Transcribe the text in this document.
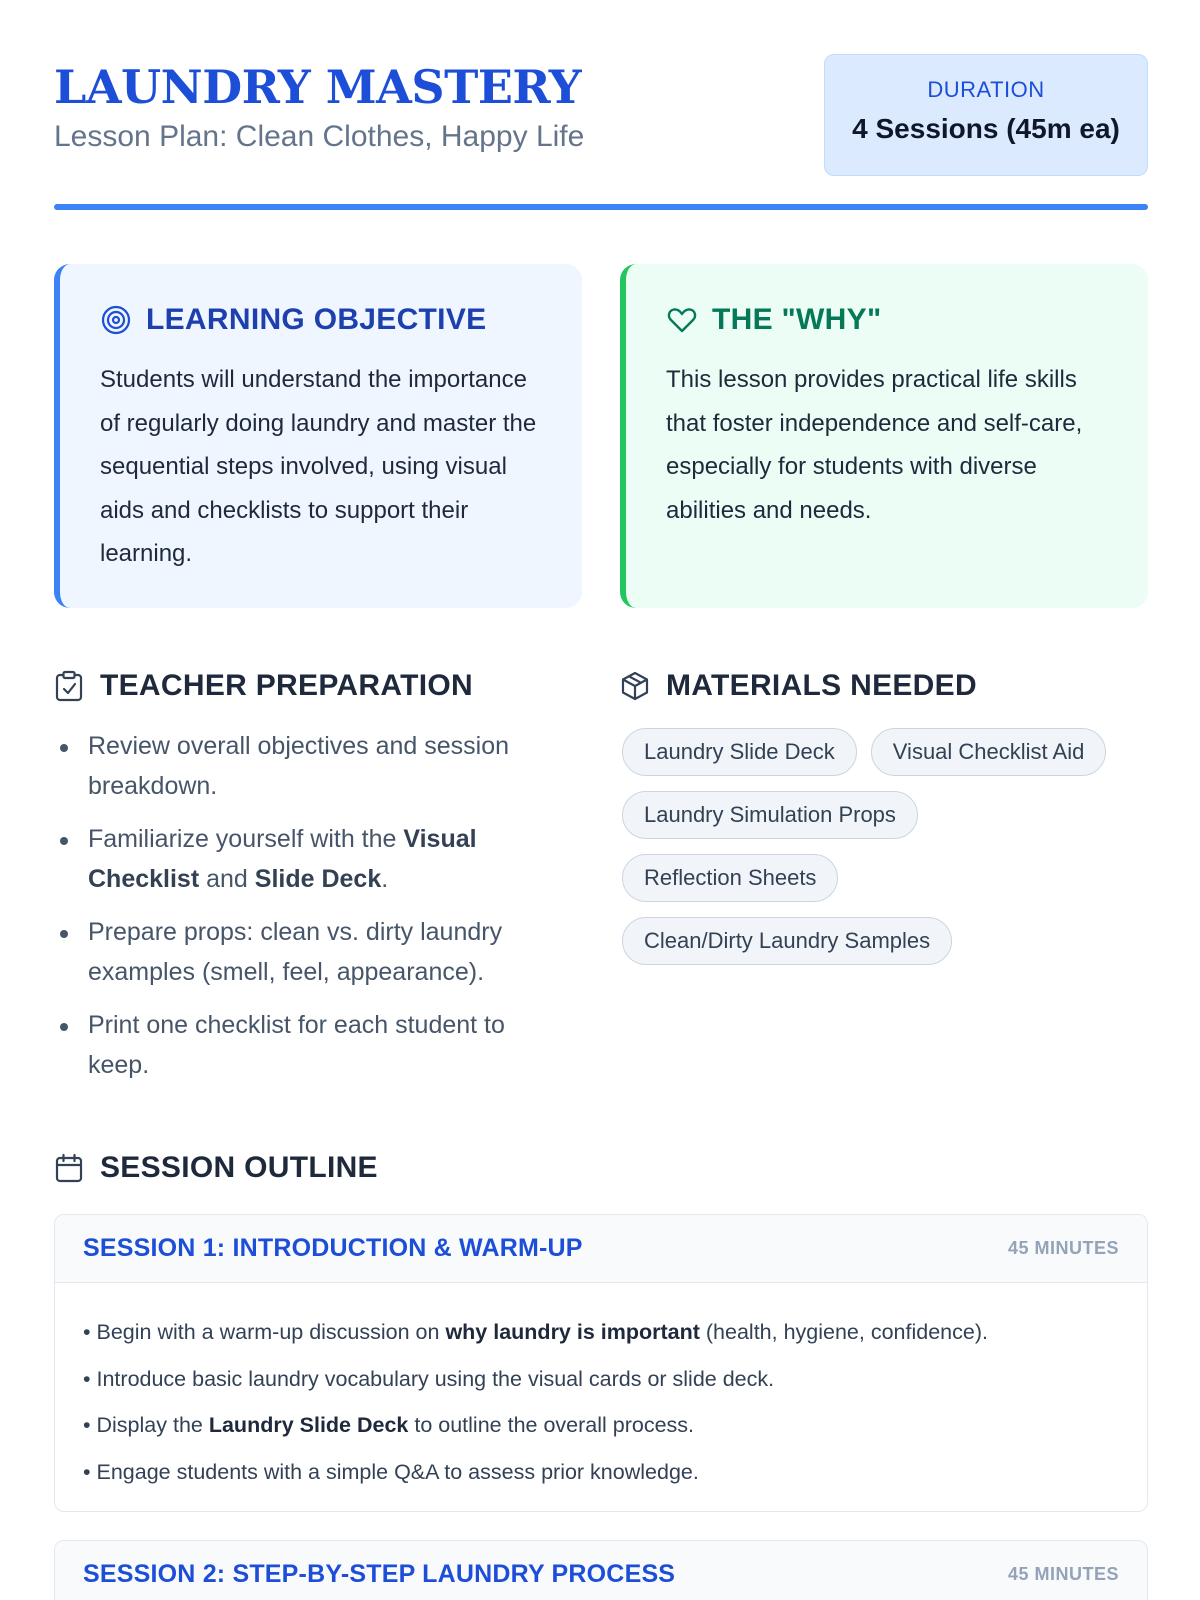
LAUNDRY MASTERY
Lesson Plan: Clean Clothes, Happy Life
DURATION
4 Sessions (45m ea)
LEARNING OBJECTIVE

Students will understand the importance of regularly doing laundry and master the sequential steps involved, using visual aids and checklists to support their learning.

THE "WHY"

This lesson provides practical life skills that foster independence and self-care, especially for students with diverse abilities and needs.

TEACHER PREPARATION
Review overall objectives and session breakdown.
Familiarize yourself with the Visual Checklist and Slide Deck.
Prepare props: clean vs. dirty laundry examples (smell, feel, appearance).
Print one checklist for each student to keep.
MATERIALS NEEDED
Laundry Slide Deck	Visual Checklist Aid
Laundry Simulation Props
Reflection Sheets
Clean/Dirty Laundry Samples
SESSION OUTLINE
SESSION 1: INTRODUCTION & WARM-UP	45 MINUTES
• Begin with a warm-up discussion on why laundry is important (health, hygiene, confidence).
• Introduce basic laundry vocabulary using the visual cards or slide deck.
• Display the Laundry Slide Deck to outline the overall process.
• Engage students with a simple Q&A to assess prior knowledge.
SESSION 2: STEP-BY-STEP LAUNDRY PROCESS	45 MINUTES
